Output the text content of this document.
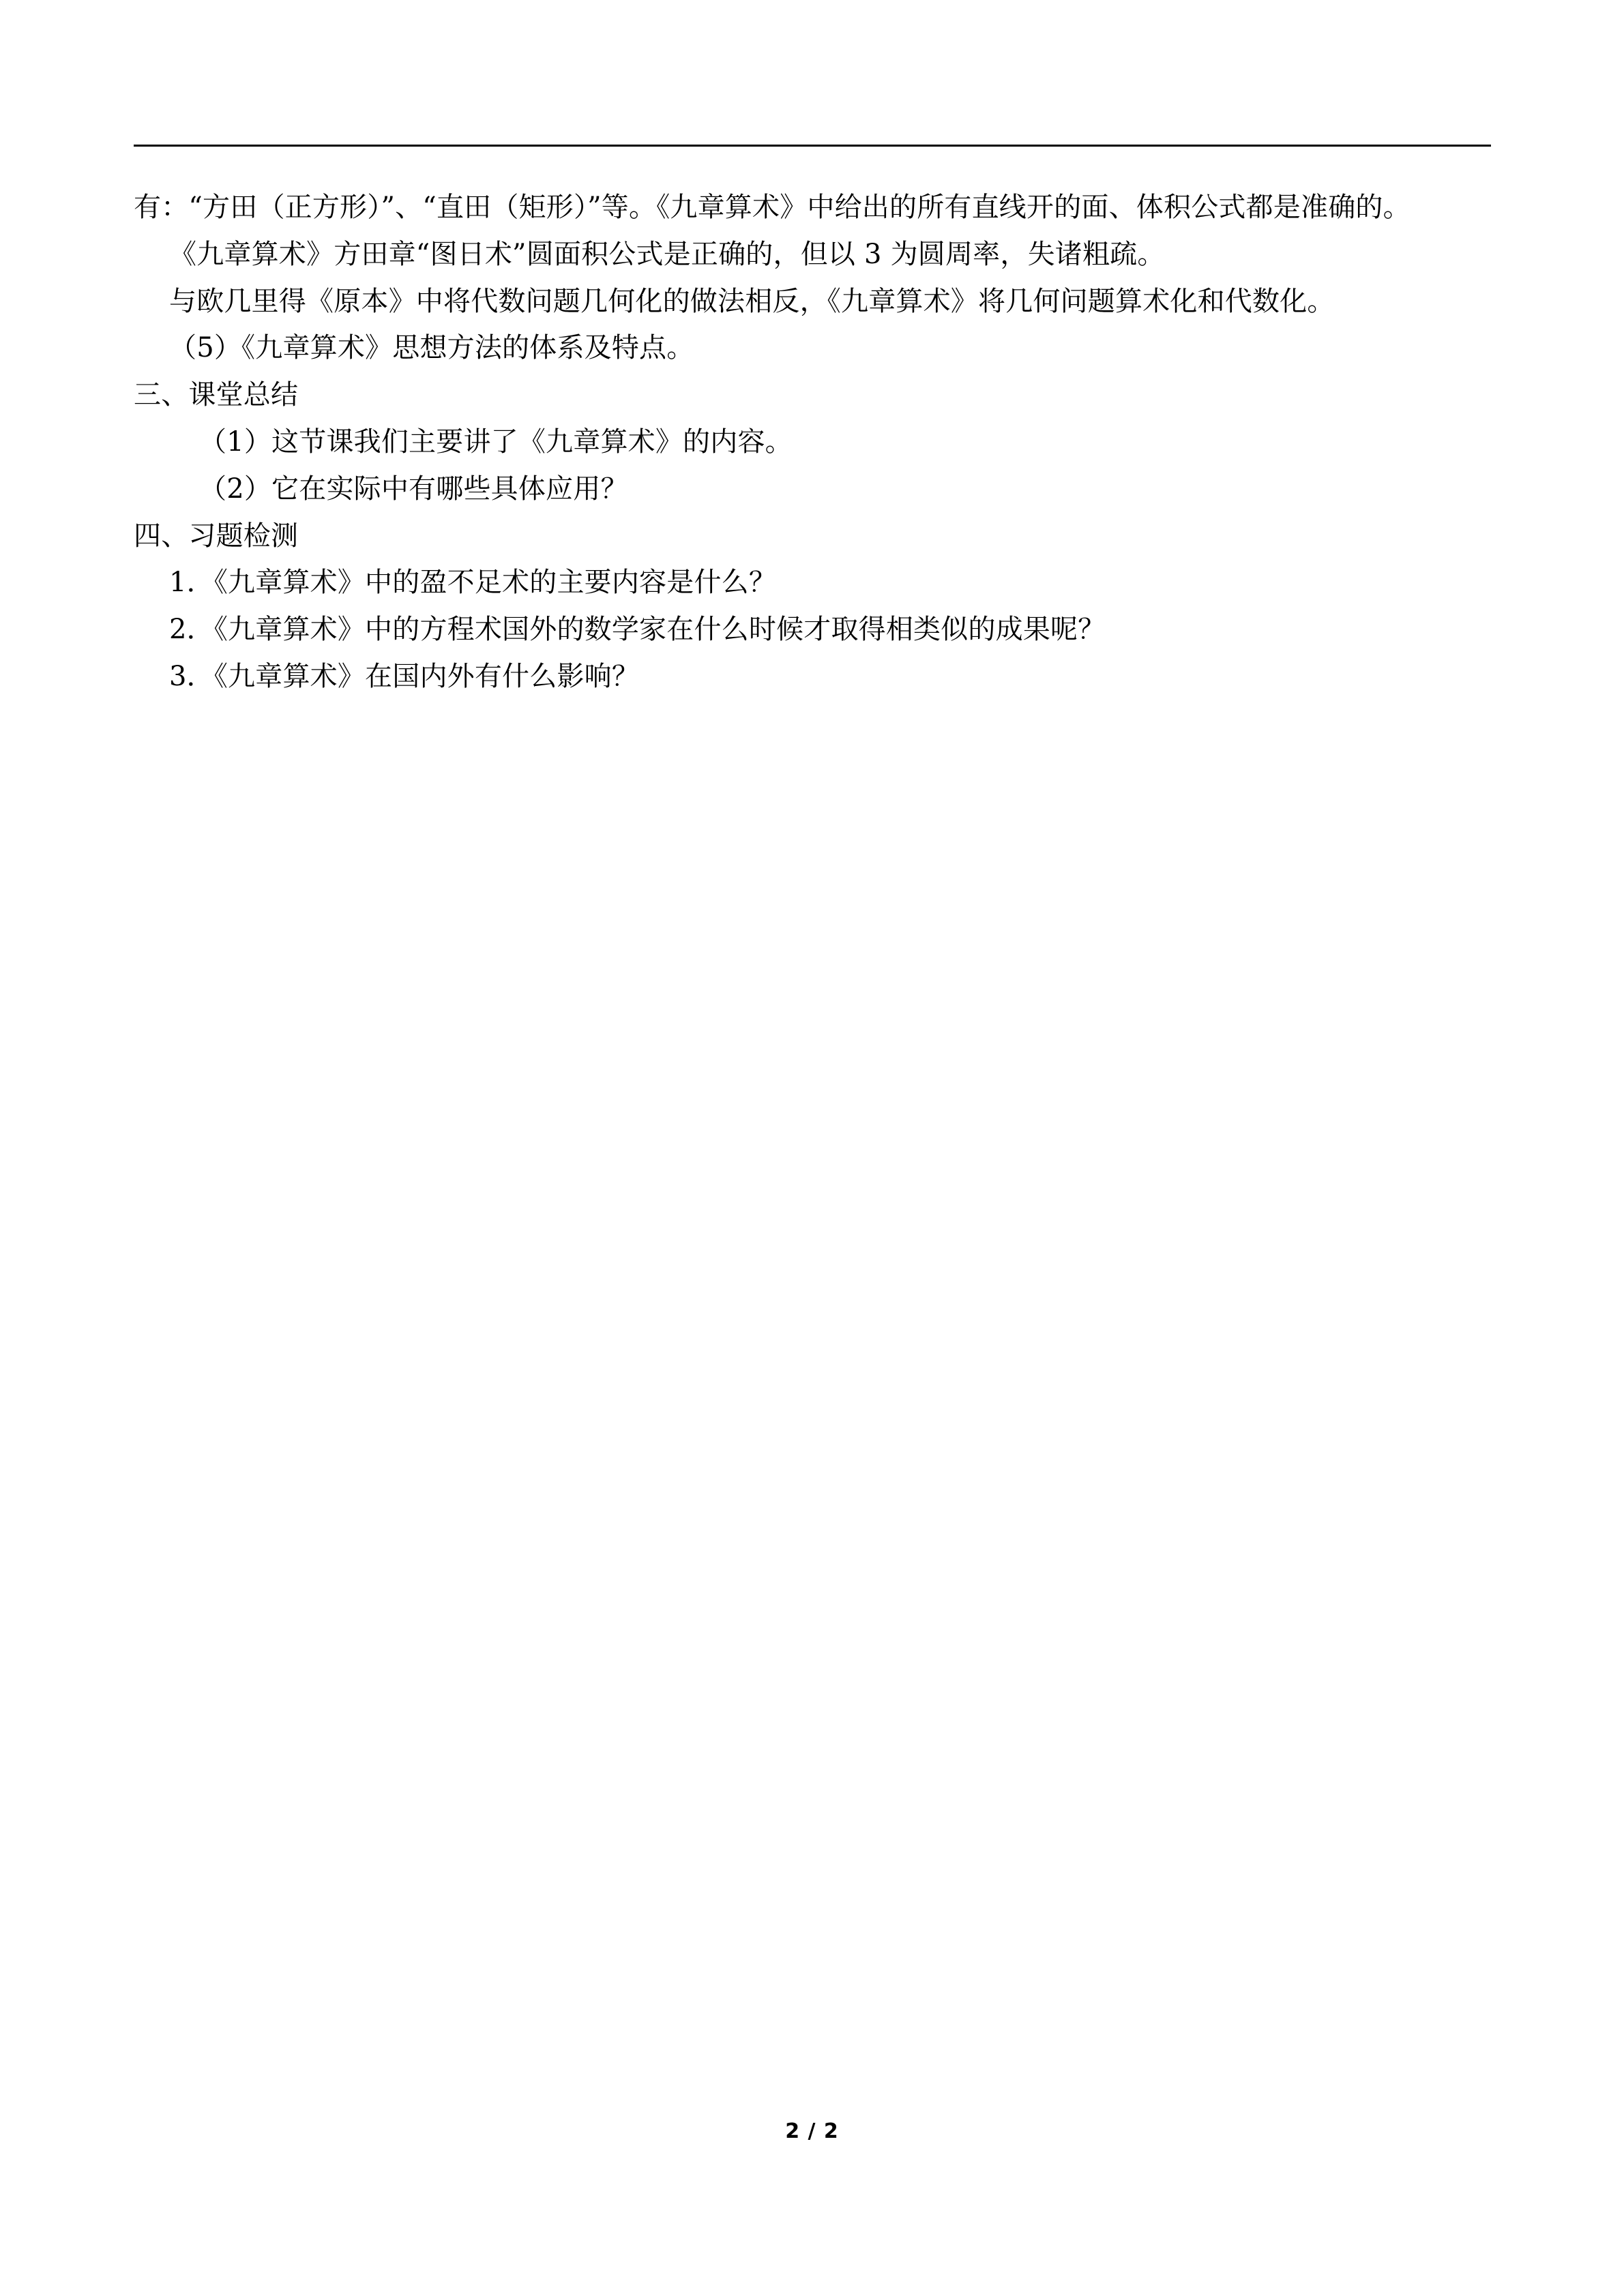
有：“方田（正方形）”、“直田（矩形）”等。《九章算术》中给出的所有直线开的面、体积公式都是准确的。

《九章算术》方田章“图日术”圆面积公式是正确的，但以 3 为圆周率，失诸粗疏。

与欧几里得《原本》中将代数问题几何化的做法相反，《九章算术》将几何问题算术化和代数化。

（5）《九章算术》思想方法的体系及特点。

三、课堂总结

（1）这节课我们主要讲了《九章算术》的内容。

（2）它在实际中有哪些具体应用？

四、习题检测

1．《九章算术》中的盈不足术的主要内容是什么？

2．《九章算术》中的方程术国外的数学家在什么时候才取得相类似的成果呢？

3．《九章算术》在国内外有什么影响？

2 / 2
